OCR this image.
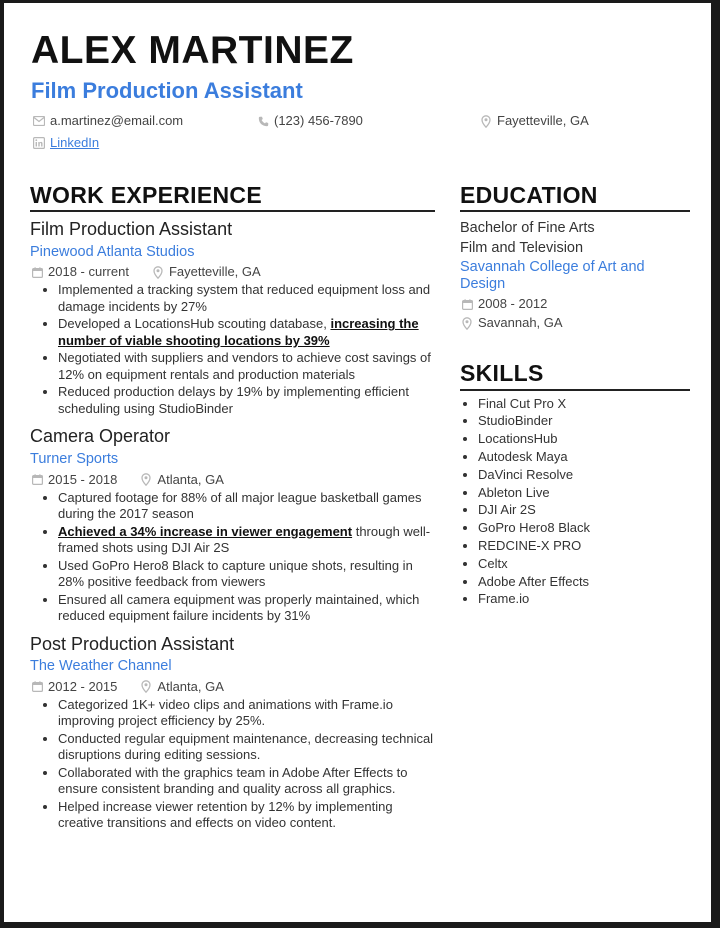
ALEX MARTINEZ
Film Production Assistant
a.martinez@email.com	(123) 456-7890	Fayetteville, GA
LinkedIn
WORK EXPERIENCE
Film Production Assistant
Pinewood Atlanta Studios
2018 - current	Fayetteville, GA
• Implemented a tracking system that reduced equipment loss and damage incidents by 27%
• Developed a LocationsHub scouting database, increasing the number of viable shooting locations by 39%
• Negotiated with suppliers and vendors to achieve cost savings of 12% on equipment rentals and production materials
• Reduced production delays by 19% by implementing efficient scheduling using StudioBinder
Camera Operator
Turner Sports
2015 - 2018	Atlanta, GA
• Captured footage for 88% of all major league basketball games during the 2017 season
• Achieved a 34% increase in viewer engagement through well-framed shots using DJI Air 2S
• Used GoPro Hero8 Black to capture unique shots, resulting in 28% positive feedback from viewers
• Ensured all camera equipment was properly maintained, which reduced equipment failure incidents by 31%
Post Production Assistant
The Weather Channel
2012 - 2015	Atlanta, GA
• Categorized 1K+ video clips and animations with Frame.io improving project efficiency by 25%.
• Conducted regular equipment maintenance, decreasing technical disruptions during editing sessions.
• Collaborated with the graphics team in Adobe After Effects to ensure consistent branding and quality across all graphics.
• Helped increase viewer retention by 12% by implementing creative transitions and effects on video content.
EDUCATION
Bachelor of Fine Arts
Film and Television
Savannah College of Art and Design
2008 - 2012
Savannah, GA
SKILLS
• Final Cut Pro X
• StudioBinder
• LocationsHub
• Autodesk Maya
• DaVinci Resolve
• Ableton Live
• DJI Air 2S
• GoPro Hero8 Black
• REDCINE-X PRO
• Celtx
• Adobe After Effects
• Frame.io
